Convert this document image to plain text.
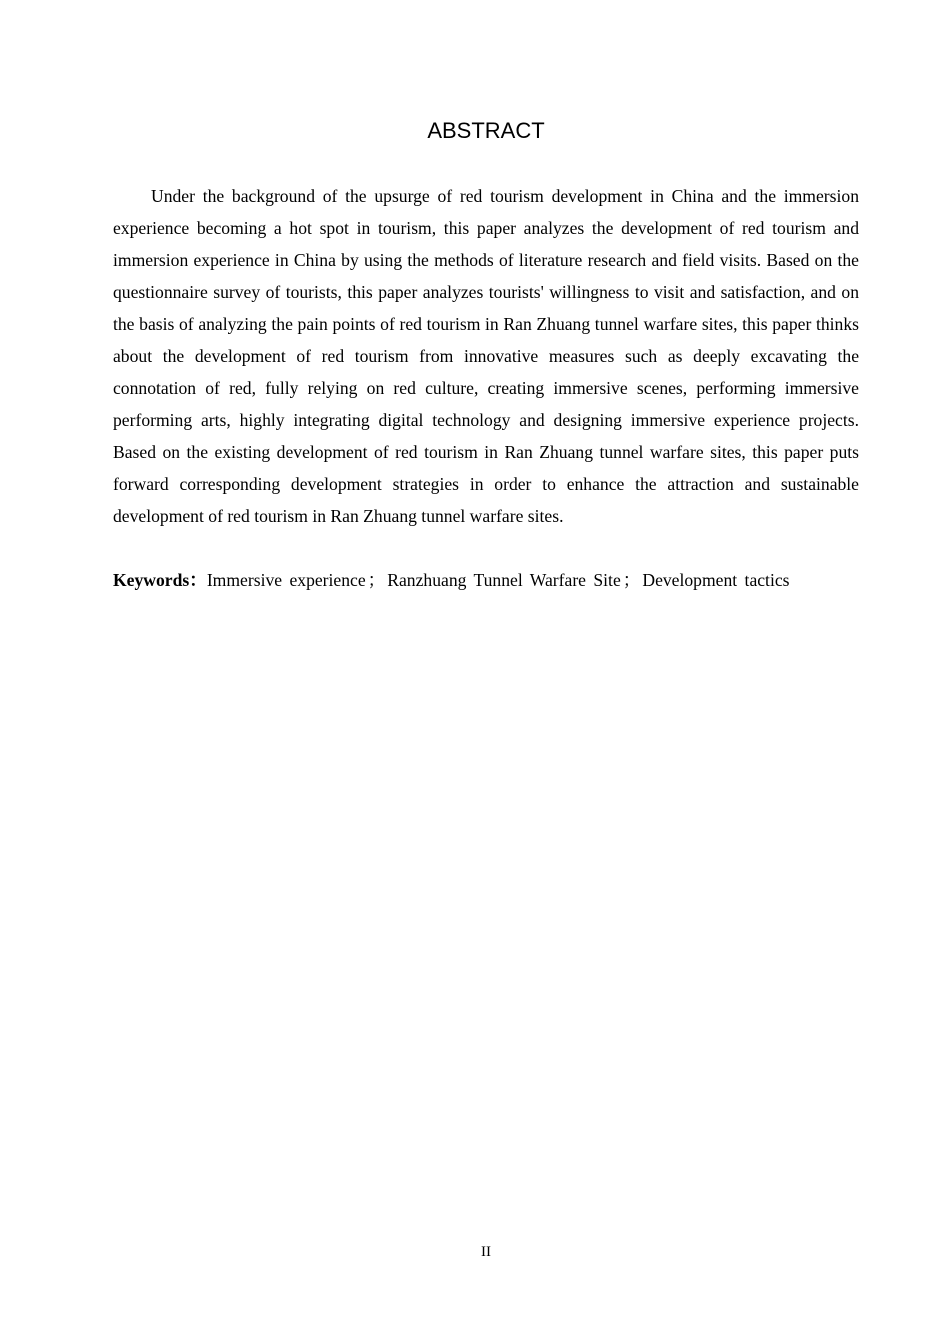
ABSTRACT

Under the background of the upsurge of red tourism development in China and the immersion experience becoming a hot spot in tourism, this paper analyzes the development of red tourism and immersion experience in China by using the methods of literature research and field visits. Based on the questionnaire survey of tourists, this paper analyzes tourists' willingness to visit and satisfaction, and on the basis of analyzing the pain points of red tourism in Ran Zhuang tunnel warfare sites, this paper thinks about the development of red tourism from innovative measures such as deeply excavating the connotation of red, fully relying on red culture, creating immersive scenes, performing immersive performing arts, highly integrating digital technology and designing immersive experience projects. Based on the existing development of red tourism in Ran Zhuang tunnel warfare sites, this paper puts forward corresponding development strategies in order to enhance the attraction and sustainable development of red tourism in Ran Zhuang tunnel warfare sites.

Keywords：Immersive experience ； Ranzhuang Tunnel Warfare Site ； Development tactics

II
